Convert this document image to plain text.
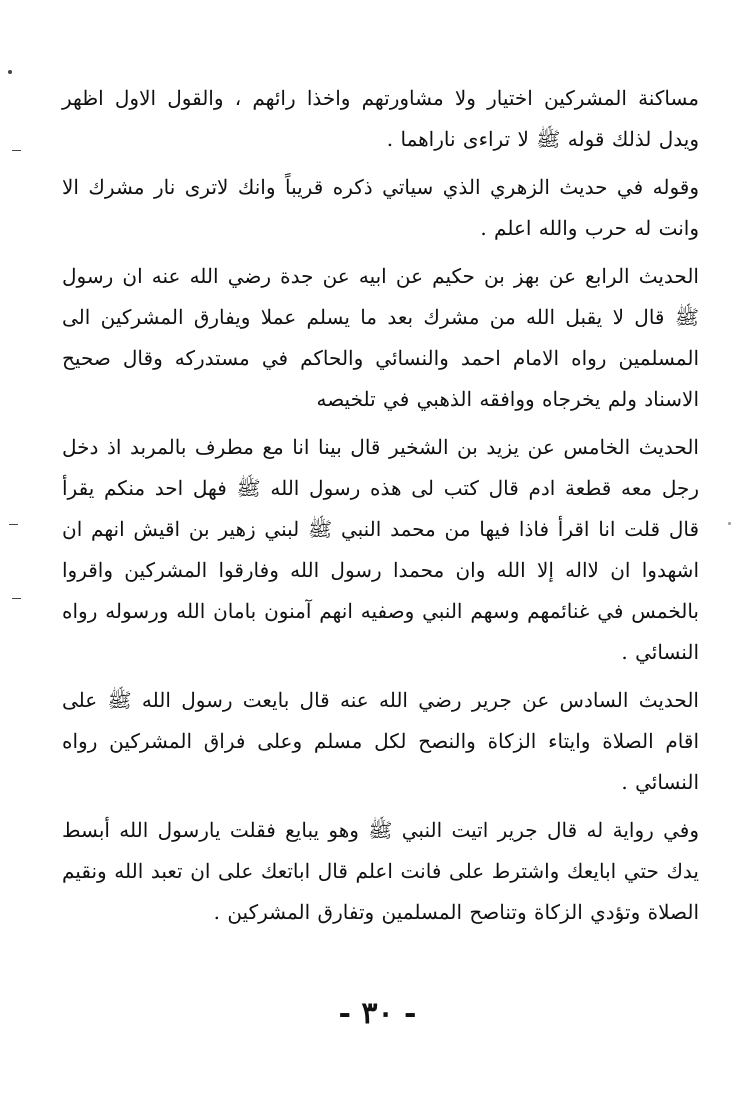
مساكنة المشركين اختيار ولا مشاورتهم واخذا رائهم ، والقول الاول اظهر ويدل لذلك قوله ﷺ لا تراءى ناراهما .

وقوله في حديث الزهري الذي سياتي ذكره قريباً وانك لاترى نار مشرك الا وانت له حرب والله اعلم .

الحديث الرابع عن بهز بن حكيم عن ابيه عن جدة رضي الله عنه ان رسول ﷺ قال لا يقبل الله من مشرك بعد ما يسلم عملا ويفارق المشركين الى المسلمين رواه الامام احمد والنسائي والحاكم في مستدركه وقال صحيح الاسناد ولم يخرجاه ووافقه الذهبي في تلخيصه

الحديث الخامس عن يزيد بن الشخير قال بينا انا مع مطرف بالمربد اذ دخل رجل معه قطعة ادم قال كتب لى هذه رسول الله ﷺ فهل احد منكم يقرأ قال قلت انا اقرأ فاذا فيها من محمد النبي ﷺ لبني زهير بن اقيش انهم ان اشهدوا ان لااله إلا الله وان محمدا رسول الله وفارقوا المشركين واقروا بالخمس في غنائمهم وسهم النبي وصفيه انهم آمنون بامان الله ورسوله رواه النسائي .

الحديث السادس عن جرير رضي الله عنه قال بايعت رسول الله ﷺ على اقام الصلاة وايتاء الزكاة والنصح لكل مسلم وعلى فراق المشركين رواه النسائي .

وفي رواية له قال جرير اتيت النبي ﷺ وهو يبايع فقلت يارسول الله أبسط يدك حتي ابايعك واشترط على فانت اعلم قال اباتعك على ان تعبد الله ونقيم الصلاة وتؤدي الزكاة وتناصح المسلمين وتفارق المشركين .

- ٣٠ -
